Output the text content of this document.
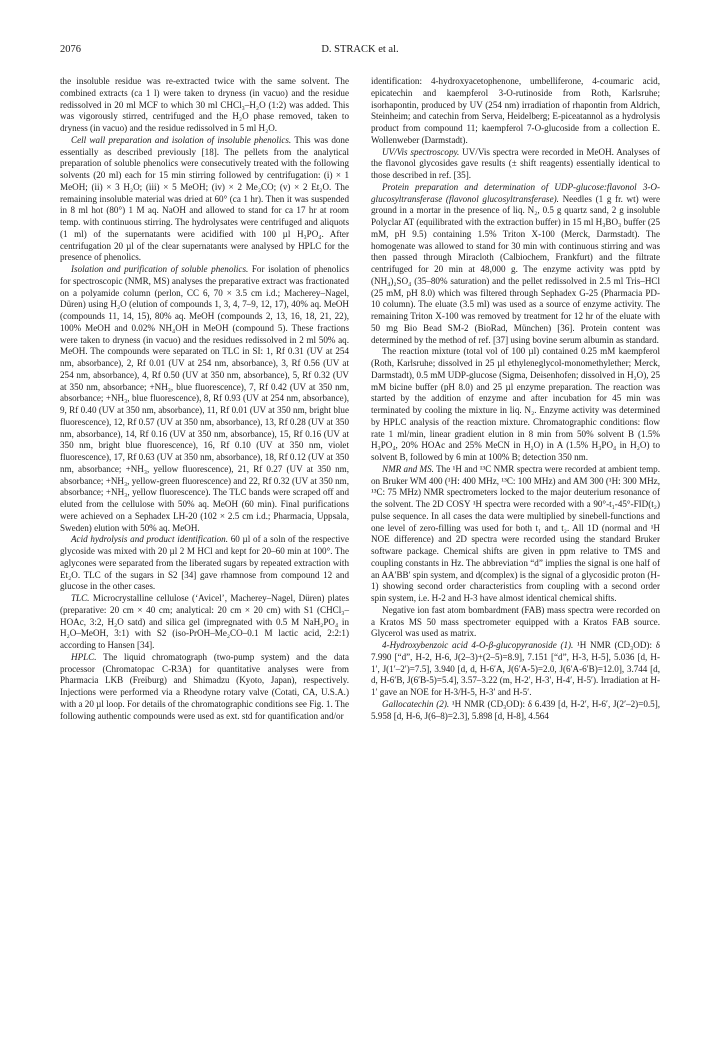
2076	D. STRACK et al.

the insoluble residue was re-extracted twice with the same solvent. The combined extracts (ca 1 l) were taken to dryness (in vacuo) and the residue redissolved in 20 ml MCF to which 30 ml CHCl₃–H₂O (1:2) was added. This was vigorously stirred, centrifuged and the H₂O phase removed, taken to dryness (in vacuo) and the residue redissolved in 5 ml H₂O.

Cell wall preparation and isolation of insoluble phenolics. This was done essentially as described previously [18]. The pellets from the analytical preparation of soluble phenolics were consecutively treated with the following solvents (20 ml) each for 15 min stirring followed by centrifugation: (i) × 1 MeOH; (ii) × 3 H₂O; (iii) × 5 MeOH; (iv) × 2 Me₂CO; (v) × 2 Et₂O. The remaining insoluble material was dried at 60° (ca 1 hr). Then it was suspended in 8 ml hot (80°) 1 M aq. NaOH and allowed to stand for ca 17 hr at room temp. with continuous stirring. The hydrolysates were centrifuged and aliquots (1 ml) of the supernatants were acidified with 100 µl H₃PO₄. After centrifugation 20 µl of the clear supernatants were analysed by HPLC for the presence of phenolics.

Isolation and purification of soluble phenolics. For isolation of phenolics for spectroscopic (NMR, MS) analyses the preparative extract was fractionated on a polyamide column (perlon, CC 6, 70 × 3.5 cm i.d.; Macherey–Nagel, Düren) using H₂O (elution of compounds 1, 3, 4, 7–9, 12, 17), 40% aq. MeOH (compounds 11, 14, 15), 80% aq. MeOH (compounds 2, 13, 16, 18, 21, 22), 100% MeOH and 0.02% NH₄OH in MeOH (compound 5). These fractions were taken to dryness (in vacuo) and the residues redissolved in 2 ml 50% aq. MeOH. The compounds were separated on TLC in SI: 1, Rf 0.31 (UV at 254 nm, absorbance), 2, Rf 0.01 (UV at 254 nm, absorbance), 3, Rf 0.56 (UV at 254 nm, absorbance), 4, Rf 0.50 (UV at 350 nm, absorbance), 5, Rf 0.32 (UV at 350 nm, absorbance; +NH₃, blue fluorescence), 7, Rf 0.42 (UV at 350 nm, absorbance; +NH₃, blue fluorescence), 8, Rf 0.93 (UV at 254 nm, absorbance), 9, Rf 0.40 (UV at 350 nm, absorbance), 11, Rf 0.01 (UV at 350 nm, bright blue fluorescence), 12, Rf 0.57 (UV at 350 nm, absorbance), 13, Rf 0.28 (UV at 350 nm, absorbance), 14, Rf 0.16 (UV at 350 nm, absorbance), 15, Rf 0.16 (UV at 350 nm, bright blue fluorescence), 16, Rf 0.10 (UV at 350 nm, violet fluorescence), 17, Rf 0.63 (UV at 350 nm, absorbance), 18, Rf 0.12 (UV at 350 nm, absorbance; +NH₃, yellow fluorescence), 21, Rf 0.27 (UV at 350 nm, absorbance; +NH₃, yellow-green fluorescence) and 22, Rf 0.32 (UV at 350 nm, absorbance; +NH₃, yellow fluorescence). The TLC bands were scraped off and eluted from the cellulose with 50% aq. MeOH (60 min). Final purifications were achieved on a Sephadex LH-20 (102 × 2.5 cm i.d.; Pharmacia, Uppsala, Sweden) elution with 50% aq. MeOH.

Acid hydrolysis and product identification. 60 µl of a soln of the respective glycoside was mixed with 20 µl 2 M HCl and kept for 20–60 min at 100°. The aglycones were separated from the liberated sugars by repeated extraction with Et₂O. TLC of the sugars in S2 [34] gave rhamnose from compound 12 and glucose in the other cases.

TLC. Microcrystalline cellulose (‘Avicel’, Macherey–Nagel, Düren) plates (preparative: 20 cm × 40 cm; analytical: 20 cm × 20 cm) with S1 (CHCl₃–HOAc, 3:2, H₂O satd) and silica gel (impregnated with 0.5 M NaH₂PO₄ in H₂O–MeOH, 3:1) with S2 (iso-PrOH–Me₂CO–0.1 M lactic acid, 2:2:1) according to Hansen [34].

HPLC. The liquid chromatograph (two-pump system) and the data processor (Chromatopac C-R3A) for quantitative analyses were from Pharmacia LKB (Freiburg) and Shimadzu (Kyoto, Japan), respectively. Injections were performed via a Rheodyne rotary valve (Cotati, CA, U.S.A.) with a 20 µl loop. For details of the chromatographic conditions see Fig. 1. The following authentic compounds were used as ext. std for quantification and/or

identification: 4-hydroxyacetophenone, umbelliferone, 4-coumaric acid, epicatechin and kaempferol 3-O-rutinoside from Roth, Karlsruhe; isorhapontin, produced by UV (254 nm) irradiation of rhapontin from Aldrich, Steinheim; and catechin from Serva, Heidelberg; E-piceatannol as a hydrolysis product from compound 11; kaempferol 7-O-glucoside from a collection E. Wollenweber (Darmstadt).

UV/Vis spectroscopy. UV/Vis spectra were recorded in MeOH. Analyses of the flavonol glycosides gave results (± shift reagents) essentially identical to those described in ref. [35].

Protein preparation and determination of UDP-glucose:flavonol 3-O-glucosyltransferase (flavonol glucosyltransferase). Needles (1 g fr. wt) were ground in a mortar in the presence of liq. N₂, 0.5 g quartz sand, 2 g insoluble Polyclar AT (equilibrated with the extraction buffer) in 15 ml H₃BO₃ buffer (25 mM, pH 9.5) containing 1.5% Triton X-100 (Merck, Darmstadt). The homogenate was allowed to stand for 30 min with continuous stirring and was then passed through Miracloth (Calbiochem, Frankfurt) and the filtrate centrifuged for 20 min at 48,000 g. The enzyme activity was pptd by (NH₄)₂SO₄ (35–80% saturation) and the pellet redissolved in 2.5 ml Tris–HCl (25 mM, pH 8.0) which was filtered through Sephadex G-25 (Pharmacia PD-10 column). The eluate (3.5 ml) was used as a source of enzyme activity. The remaining Triton X-100 was removed by treatment for 12 hr of the eluate with 50 mg Bio Bead SM-2 (BioRad, München) [36]. Protein content was determined by the method of ref. [37] using bovine serum albumin as standard.

The reaction mixture (total vol of 100 µl) contained 0.25 mM kaempferol (Roth, Karlsruhe; dissolved in 25 µl ethyleneglycol-monomethylether; Merck, Darmstadt), 0.5 mM UDP-glucose (Sigma, Deisenhofen; dissolved in H₂O), 25 mM bicine buffer (pH 8.0) and 25 µl enzyme preparation. The reaction was started by the addition of enzyme and after incubation for 45 min was terminated by cooling the mixture in liq. N₂. Enzyme activity was determined by HPLC analysis of the reaction mixture. Chromatographic conditions: flow rate 1 ml/min, linear gradient elution in 8 min from 50% solvent B (1.5% H₃PO₄, 20% HOAc and 25% MeCN in H₂O) in A (1.5% H₃PO₄ in H₂O) to solvent B, followed by 6 min at 100% B; detection 350 nm.

NMR and MS. The ¹H and ¹³C NMR spectra were recorded at ambient temp. on Bruker WM 400 (¹H: 400 MHz, ¹³C: 100 MHz) and AM 300 (¹H: 300 MHz, ¹³C: 75 MHz) NMR spectrometers locked to the major deuterium resonance of the solvent. The 2D COSY ¹H spectra were recorded with a 90°-t₁-45°-FID(t₂) pulse sequence. In all cases the data were multiplied by sinebell-functions and one level of zero-filling was used for both t₁ and t₂. All 1D (normal and ¹H NOE difference) and 2D spectra were recorded using the standard Bruker software package. Chemical shifts are given in ppm relative to TMS and coupling constants in Hz. The abbreviation “d” implies the signal is one half of an AA′BB′ spin system, and d(complex) is the signal of a glycosidic proton (H-1) showing second order characteristics from coupling with a second order spin system, i.e. H-2 and H-3 have almost identical chemical shifts.

Negative ion fast atom bombardment (FAB) mass spectra were recorded on a Kratos MS 50 mass spectrometer equipped with a Kratos FAB source. Glycerol was used as matrix.

4-Hydroxybenzoic acid 4-O-β-glucopyranoside (1). ¹H NMR (CD₃OD): δ 7.990 [“d”, H-2, H-6, J(2–3)+(2–5)=8.9], 7.151 [“d”, H-3, H-5], 5.036 [d, H-1′, J(1′–2′)=7.5], 3.940 [d, d, H-6′A, J(6′A-5)=2.0, J(6′A-6′B)=12.0], 3.744 [d, d, H-6′B, J(6′B-5)=5.4], 3.57–3.22 (m, H-2′, H-3′, H-4′, H-5′). Irradiation at H-1′ gave an NOE for H-3/H-5, H-3′ and H-5′.

Gallocatechin (2). ¹H NMR (CD₃OD): δ 6.439 [d, H-2′, H-6′, J(2′–2)=0.5], 5.958 [d, H-6, J(6–8)=2.3], 5.898 [d, H-8], 4.564
